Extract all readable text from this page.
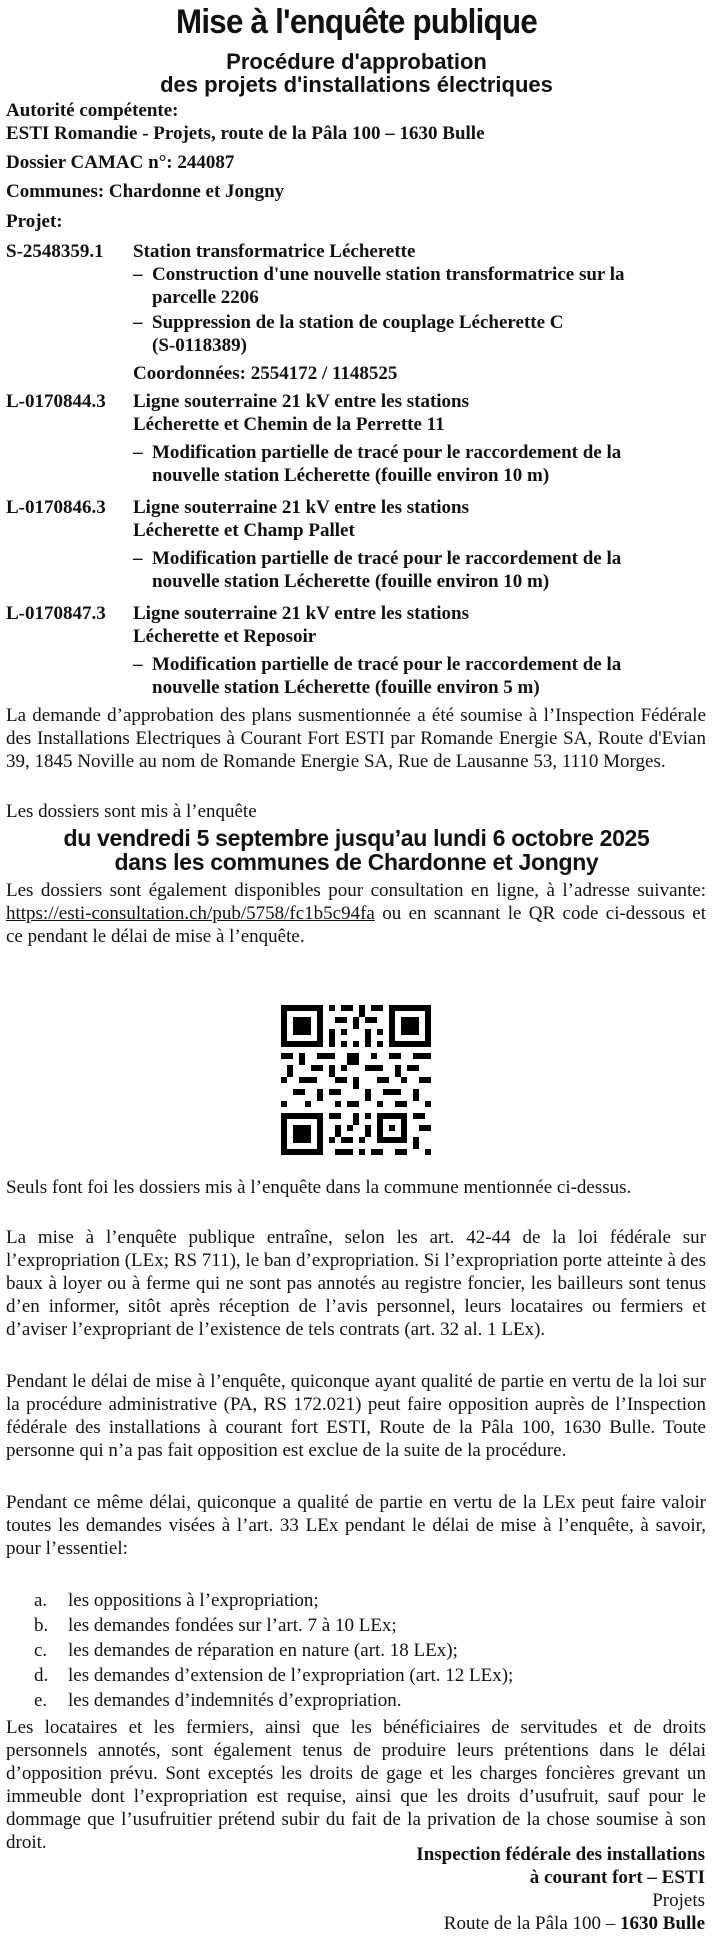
Mise à l'enquête publique
Procédure d'approbation
des projets d'installations électriques
Autorité compétente:
ESTI Romandie - Projets, route de la Pâla 100 – 1630 Bulle
Dossier CAMAC n°: 244087
Communes: Chardonne et Jongny
Projet:
S-2548359.1 Station transformatrice Lécherette
– Construction d'une nouvelle station transformatrice sur la
parcelle 2206
– Suppression de la station de couplage Lécherette C
(S-0118389)
Coordonnées: 2554172 / 1148525
L-0170844.3 Ligne souterraine 21 kV entre les stations
Lécherette et Chemin de la Perrette 11
– Modification partielle de tracé pour le raccordement de la
nouvelle station Lécherette (fouille environ 10 m)
L-0170846.3 Ligne souterraine 21 kV entre les stations
Lécherette et Champ Pallet
– Modification partielle de tracé pour le raccordement de la
nouvelle station Lécherette (fouille environ 10 m)
L-0170847.3 Ligne souterraine 21 kV entre les stations
Lécherette et Reposoir
– Modification partielle de tracé pour le raccordement de la
nouvelle station Lécherette (fouille environ 5 m)
La demande d’approbation des plans susmentionnée a été soumise à l’Inspection Fédérale des Installations Electriques à Courant Fort ESTI par Romande Energie SA, Route d'Evian 39, 1845 Noville au nom de Romande Energie SA, Rue de Lausanne 53, 1110 Morges.
Les dossiers sont mis à l’enquête
du vendredi 5 septembre jusqu’au lundi 6 octobre 2025
dans les communes de Chardonne et Jongny
Les dossiers sont également disponibles pour consultation en ligne, à l’adresse suivante: https://esti-consultation.ch/pub/5758/fc1b5c94fa ou en scannant le QR code ci-dessous et ce pendant le délai de mise à l’enquête.
Seuls font foi les dossiers mis à l’enquête dans la commune mentionnée ci-dessus.
La mise à l’enquête publique entraîne, selon les art. 42-44 de la loi fédérale sur l’expropriation (LEx; RS 711), le ban d’expropriation. Si l’expropriation porte atteinte à des baux à loyer ou à ferme qui ne sont pas annotés au registre foncier, les bailleurs sont tenus d’en informer, sitôt après réception de l’avis personnel, leurs locataires ou fermiers et d’aviser l’expropriant de l’existence de tels contrats (art. 32 al. 1 LEx).
Pendant le délai de mise à l’enquête, quiconque ayant qualité de partie en vertu de la loi sur la procédure administrative (PA, RS 172.021) peut faire opposition auprès de l’Inspection fédérale des installations à courant fort ESTI, Route de la Pâla 100, 1630 Bulle. Toute personne qui n’a pas fait opposition est exclue de la suite de la procédure.
Pendant ce même délai, quiconque a qualité de partie en vertu de la LEx peut faire valoir toutes les demandes visées à l’art. 33 LEx pendant le délai de mise à l’enquête, à savoir, pour l’essentiel:
a. les oppositions à l’expropriation;
b. les demandes fondées sur l’art. 7 à 10 LEx;
c. les demandes de réparation en nature (art. 18 LEx);
d. les demandes d’extension de l’expropriation (art. 12 LEx);
e. les demandes d’indemnités d’expropriation.
Les locataires et les fermiers, ainsi que les bénéficiaires de servitudes et de droits personnels annotés, sont également tenus de produire leurs prétentions dans le délai d’opposition prévu. Sont exceptés les droits de gage et les charges foncières grevant un immeuble dont l’expropriation est requise, ainsi que les droits d’usufruit, sauf pour le dommage que l’usufruitier prétend subir du fait de la privation de la chose soumise à son droit.
Inspection fédérale des installations
à courant fort – ESTI
Projets
Route de la Pâla 100 – 1630 Bulle
